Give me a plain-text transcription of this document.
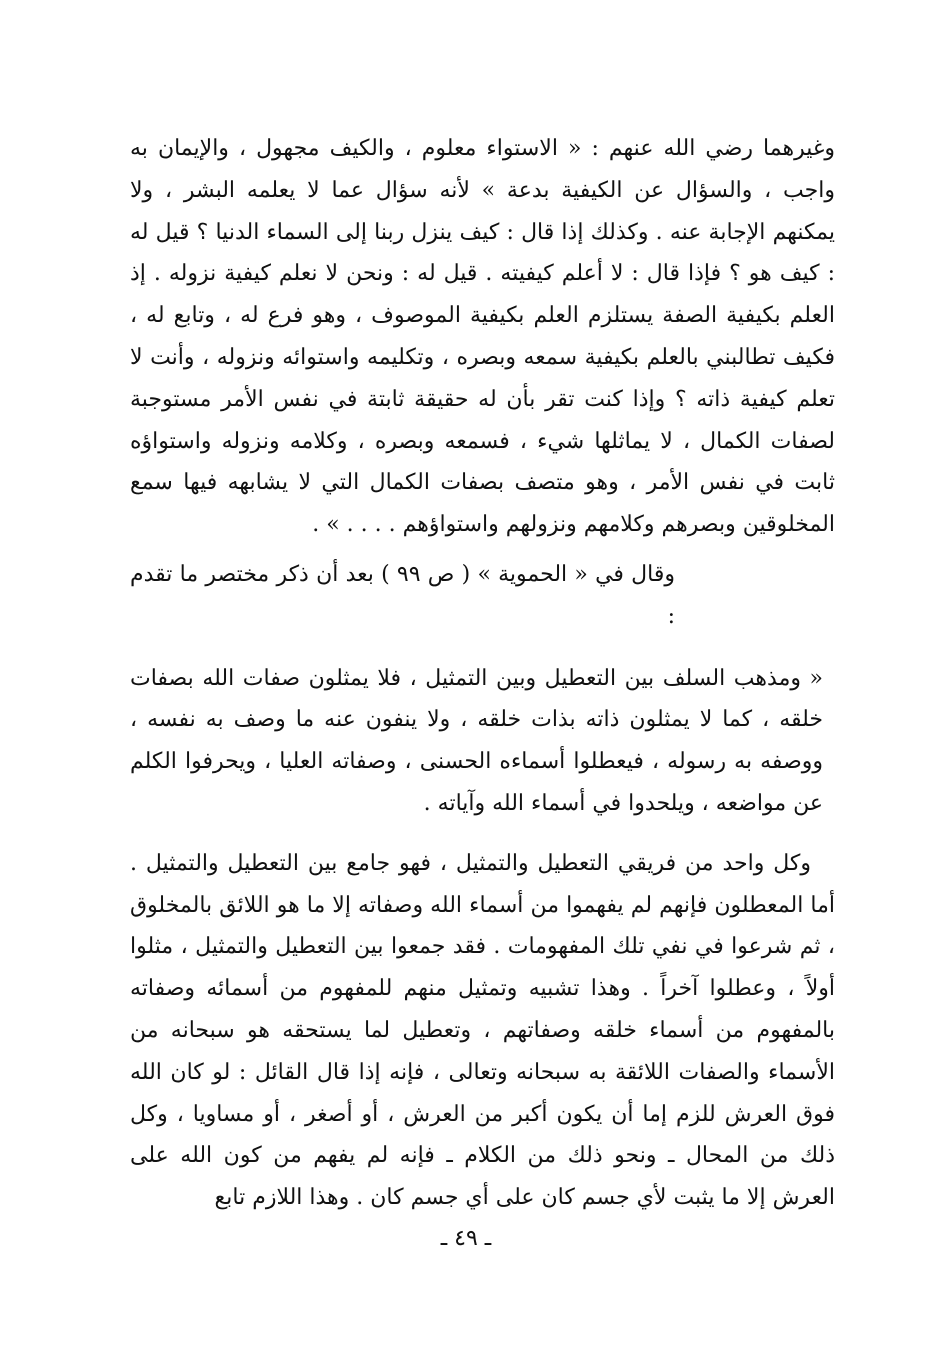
وغيرهما رضي الله عنهم : « الاستواء معلوم ، والكيف مجهول ، والإيمان به واجب ، والسؤال عن الكيفية بدعة » لأنه سؤال عما لا يعلمه البشر ، ولا يمكنهم الإجابة عنه . وكذلك إذا قال : كيف ينزل ربنا إلى السماء الدنيا ؟ قيل له : كيف هو ؟ فإذا قال : لا أعلم كيفيته . قيل له : ونحن لا نعلم كيفية نزوله . إذ العلم بكيفية الصفة يستلزم العلم بكيفية الموصوف ، وهو فرع له ، وتابع له ، فكيف تطالبني بالعلم بكيفية سمعه وبصره ، وتكليمه واستوائه ونزوله ، وأنت لا تعلم كيفية ذاته ؟ وإذا كنت تقر بأن له حقيقة ثابتة في نفس الأمر مستوجبة لصفات الكمال ، لا يماثلها شيء ، فسمعه وبصره ، وكلامه ونزوله واستواؤه ثابت في نفس الأمر ، وهو متصف بصفات الكمال التي لا يشابهه فيها سمع المخلوقين وبصرهم وكلامهم ونزولهم واستواؤهم . . . . » .

وقال في « الحموية » ( ص ٩٩ ) بعد أن ذكر مختصر ما تقدم :

« ومذهب السلف بين التعطيل وبين التمثيل ، فلا يمثلون صفات الله بصفات خلقه ، كما لا يمثلون ذاته بذات خلقه ، ولا ينفون عنه ما وصف به نفسه ، ووصفه به رسوله ، فيعطلوا أسماءه الحسنى ، وصفاته العليا ، ويحرفوا الكلم عن مواضعه ، ويلحدوا في أسماء الله وآياته .

وكل واحد من فريقي التعطيل والتمثيل ، فهو جامع بين التعطيل والتمثيل . أما المعطلون فإنهم لم يفهموا من أسماء الله وصفاته إلا ما هو اللائق بالمخلوق ، ثم شرعوا في نفي تلك المفهومات . فقد جمعوا بين التعطيل والتمثيل ، مثلوا أولاً ، وعطلوا آخراً . وهذا تشبيه وتمثيل منهم للمفهوم من أسمائه وصفاته بالمفهوم من أسماء خلقه وصفاتهم ، وتعطيل لما يستحقه هو سبحانه من الأسماء والصفات اللائقة به سبحانه وتعالى ، فإنه إذا قال القائل : لو كان الله فوق العرش للزم إما أن يكون أكبر من العرش ، أو أصغر ، أو مساويا ، وكل ذلك من المحال ـ ونحو ذلك من الكلام ـ فإنه لم يفهم من كون الله على العرش إلا ما يثبت لأي جسم كان على أي جسم كان . وهذا اللازم تابع

ـ ٤٩ ـ
